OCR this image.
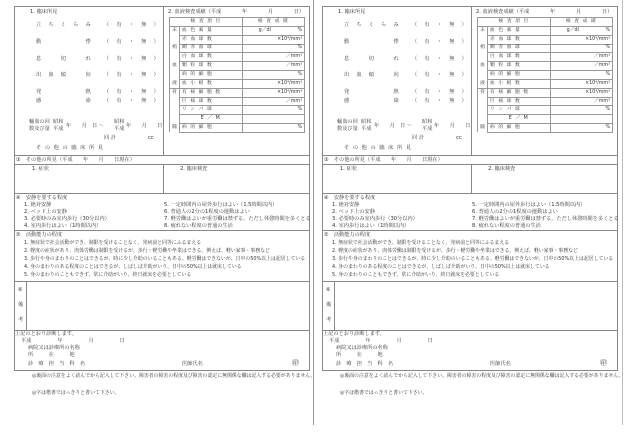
1. 臨床所見
立　ち　く　ら　み （　有　・　無　）
動　　　　　　　悸 （　有　・　無　）
息　　　切　　　れ （　有　・　無　）
出　血　傾　　　向 （　有　・　無　）
発　　　　　　　熱 （　有　・　無　）
感　　　　　　　染 （　有　・　無　）
輸血の回数及び量
昭和
平成 年　　月　日 ～
昭和
平成 年　　月　　日
回 計	cc
そ の 他 の 臨 床 所 見
2. 血液検査成績（平成　　　　年　　　　月　　　　日）
検 査 項 目		検 査 成 績
末	血 色 素 量	g／dl %
	赤 血 球 数	×10⁴/mm³
梢	網 赤 血 球	%
	白 血 球 数	／mm³
血	顆 粒 球 数	／mm³
	病 的 細 胞	%
液	血 小 板 数	×10⁴/mm³
骨	有 核 細 胞 数	×10⁴/mm³
	巨 核 球 数	／mm³
	リ ン パ 球	%
	E ／ M	

髄	病 的 細 胞	%
③　その他の所見（平成　　年　　月　　日現在）
1. 症状	2. 臨床検査
④　安静を要する程度
1. 絶対安静
2. ベッド上の安静
3. 必要時のみ室内歩行（30分以内）
4. 室内歩行はよい（1時間以内）
5. 一定時間内の屋外歩行はよい（1.5時間以内）
6. 普通人の2分の1程度の運動はよい
7. 軽労働はよいが重労働は禁ずる。ただし休憩時間を多くとる
8. 疲れない程度の普通の生活
⑤　活動能力の程度
1. 無症状で社会活動ができ、制限を受けることなく、発病前と同等にふるまえる
2. 軽度の症状があり、肉体労働は制限を受けるが、歩行・軽労働や坐業はできる。例えば、軽い家事・事務など
3. 歩行や身のまわりのことはできるが、時に少し介助のいることもある。軽労働はできないが、日中の50%以上は起居している
4. 身のまわりのある程度のことはできるが、しばしば介助がいり、日中の50%以上は就床している
5. 身のまわりのこともできず、常に介助がいり、終日就床を必要としている
⑥
備
考
上記のとおり診断します。
平成　　　　　年　　　　　月　　　　　日
病院又は診療所の名称
所　　　在　　　地
診　療　担　当　科　名	医師氏名	㊞
◎裏面の注意をよく読んでから記入して下さい。障害者の障害の程度及び障害の認定に無関係な欄は記入する必要がありません。
◎字は楷書ではっきりと書いて下さい。
1. 臨床所見
立　ち　く　ら　み （　有　・　無　）
動　　　　　　　悸 （　有　・　無　）
息　　　切　　　れ （　有　・　無　）
出　血　傾　　　向 （　有　・　無　）
発　　　　　　　熱 （　有　・　無　）
感　　　　　　　染 （　有　・　無　）
輸血の回数及び量
昭和
平成 年　　月　日 ～
昭和
平成 年　　月　　日
回 計	cc
そ の 他 の 臨 床 所 見
2. 血液検査成績（平成　　　　年　　　　月　　　　日）
検 査 項 目		検 査 成 績
末	血 色 素 量	g／dl %
	赤 血 球 数	×10⁴/mm³
梢	網 赤 血 球	%
	白 血 球 数	／mm³
血	顆 粒 球 数	／mm³
	病 的 細 胞	%
液	血 小 板 数	×10⁴/mm³
骨	有 核 細 胞 数	×10⁴/mm³
	巨 核 球 数	／mm³
	リ ン パ 球	%
	E ／ M	

髄	病 的 細 胞	%
③　その他の所見（平成　　年　　月　　日現在）
1. 症状	2. 臨床検査
④　安静を要する程度
1. 絶対安静
2. ベッド上の安静
3. 必要時のみ室内歩行（30分以内）
4. 室内歩行はよい（1時間以内）
5. 一定時間内の屋外歩行はよい（1.5時間以内）
6. 普通人の2分の1程度の運動はよい
7. 軽労働はよいが重労働は禁ずる。ただし休憩時間を多くとる
8. 疲れない程度の普通の生活
⑤　活動能力の程度
1. 無症状で社会活動ができ、制限を受けることなく、発病前と同等にふるまえる
2. 軽度の症状があり、肉体労働は制限を受けるが、歩行・軽労働や坐業はできる。例えば、軽い家事・事務など
3. 歩行や身のまわりのことはできるが、時に少し介助のいることもある。軽労働はできないが、日中の50%以上は起居している
4. 身のまわりのある程度のことはできるが、しばしば介助がいり、日中の50%以上は就床している
5. 身のまわりのこともできず、常に介助がいり、終日就床を必要としている
⑥
備
考
上記のとおり診断します。
平成　　　　　年　　　　　月　　　　　日
病院又は診療所の名称
所　　　在　　　地
診　療　担　当　科　名	医師氏名	㊞
◎裏面の注意をよく読んでから記入して下さい。障害者の障害の程度及び障害の認定に無関係な欄は記入する必要がありません。
◎字は楷書ではっきりと書いて下さい。
